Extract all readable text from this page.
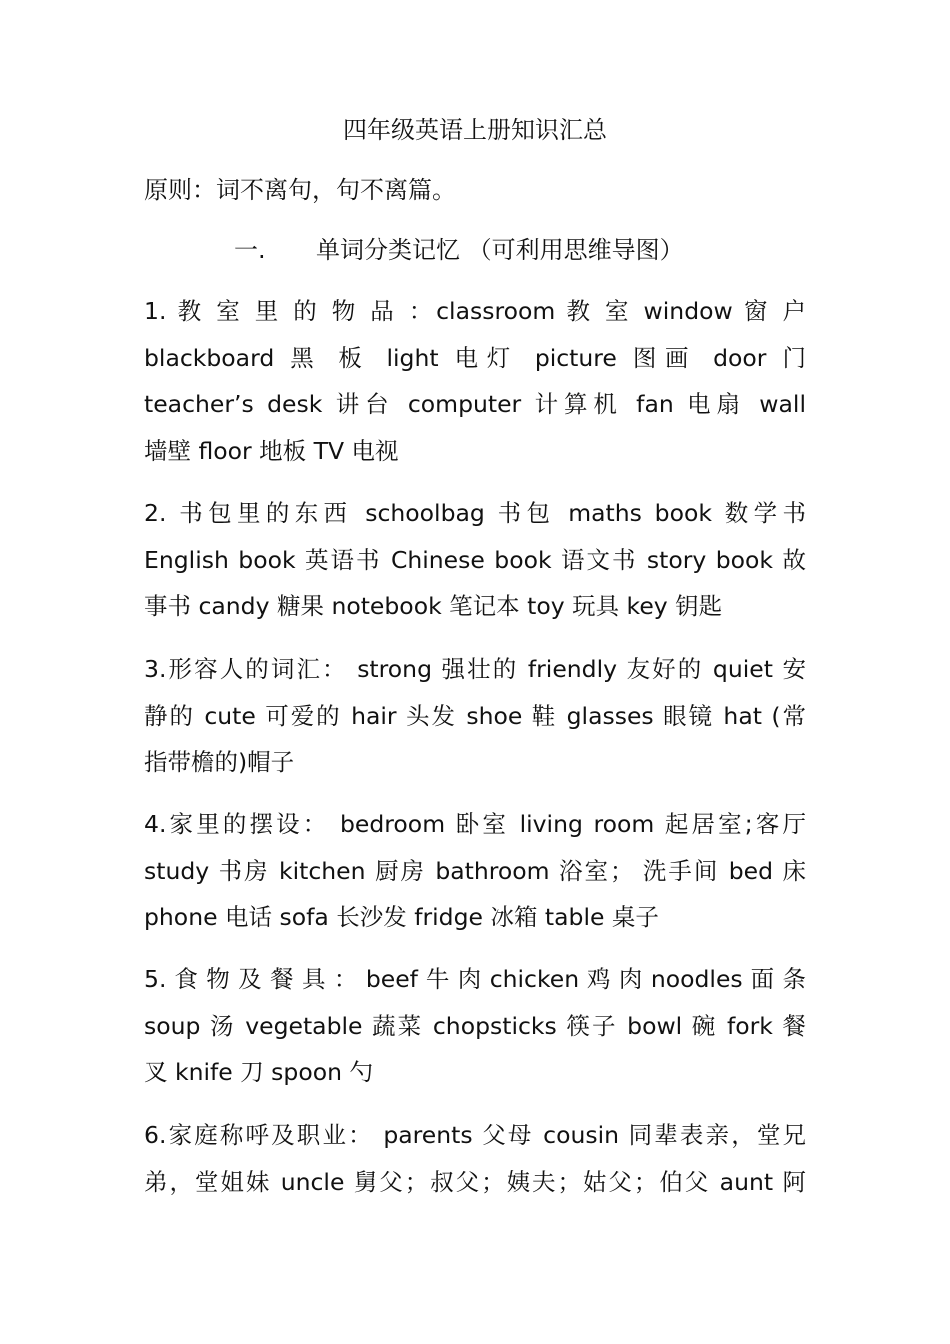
四年级英语上册知识汇总
原则：词不离句，句不离篇。
一. 单词分类记忆 （可利用思维导图）
1. 教 室 里 的 物 品 ：classroom 教 室 window 窗 户
blackboard 黑 板 light 电灯 picture 图画 door 门
teacher’s desk 讲台 computer 计算机 fan 电扇 wall
墙壁 floor 地板 TV 电视
2. 书包里的东西 schoolbag 书包 maths book 数学书
English book 英语书 Chinese book 语文书 story book 故
事书 candy 糖果 notebook 笔记本 toy 玩具 key 钥匙
3.形容人的词汇： strong 强壮的 friendly 友好的 quiet 安
静的 cute 可爱的 hair 头发 shoe 鞋 glasses 眼镜 hat (常
指带檐的)帽子
4.家里的摆设： bedroom 卧室 living room 起居室;客厅
study 书房 kitchen 厨房 bathroom 浴室； 洗手间 bed 床
phone 电话 sofa 长沙发 fridge 冰箱 table 桌子
5. 食 物 及 餐 具 ： beef 牛 肉 chicken 鸡 肉 noodles 面 条
soup 汤 vegetable 蔬菜 chopsticks 筷子 bowl 碗 fork 餐
叉 knife 刀 spoon 勺
6.家庭称呼及职业： parents 父母 cousin 同辈表亲，堂兄
弟，堂姐妹 uncle 舅父；叔父；姨夫；姑父；伯父 aunt 阿
